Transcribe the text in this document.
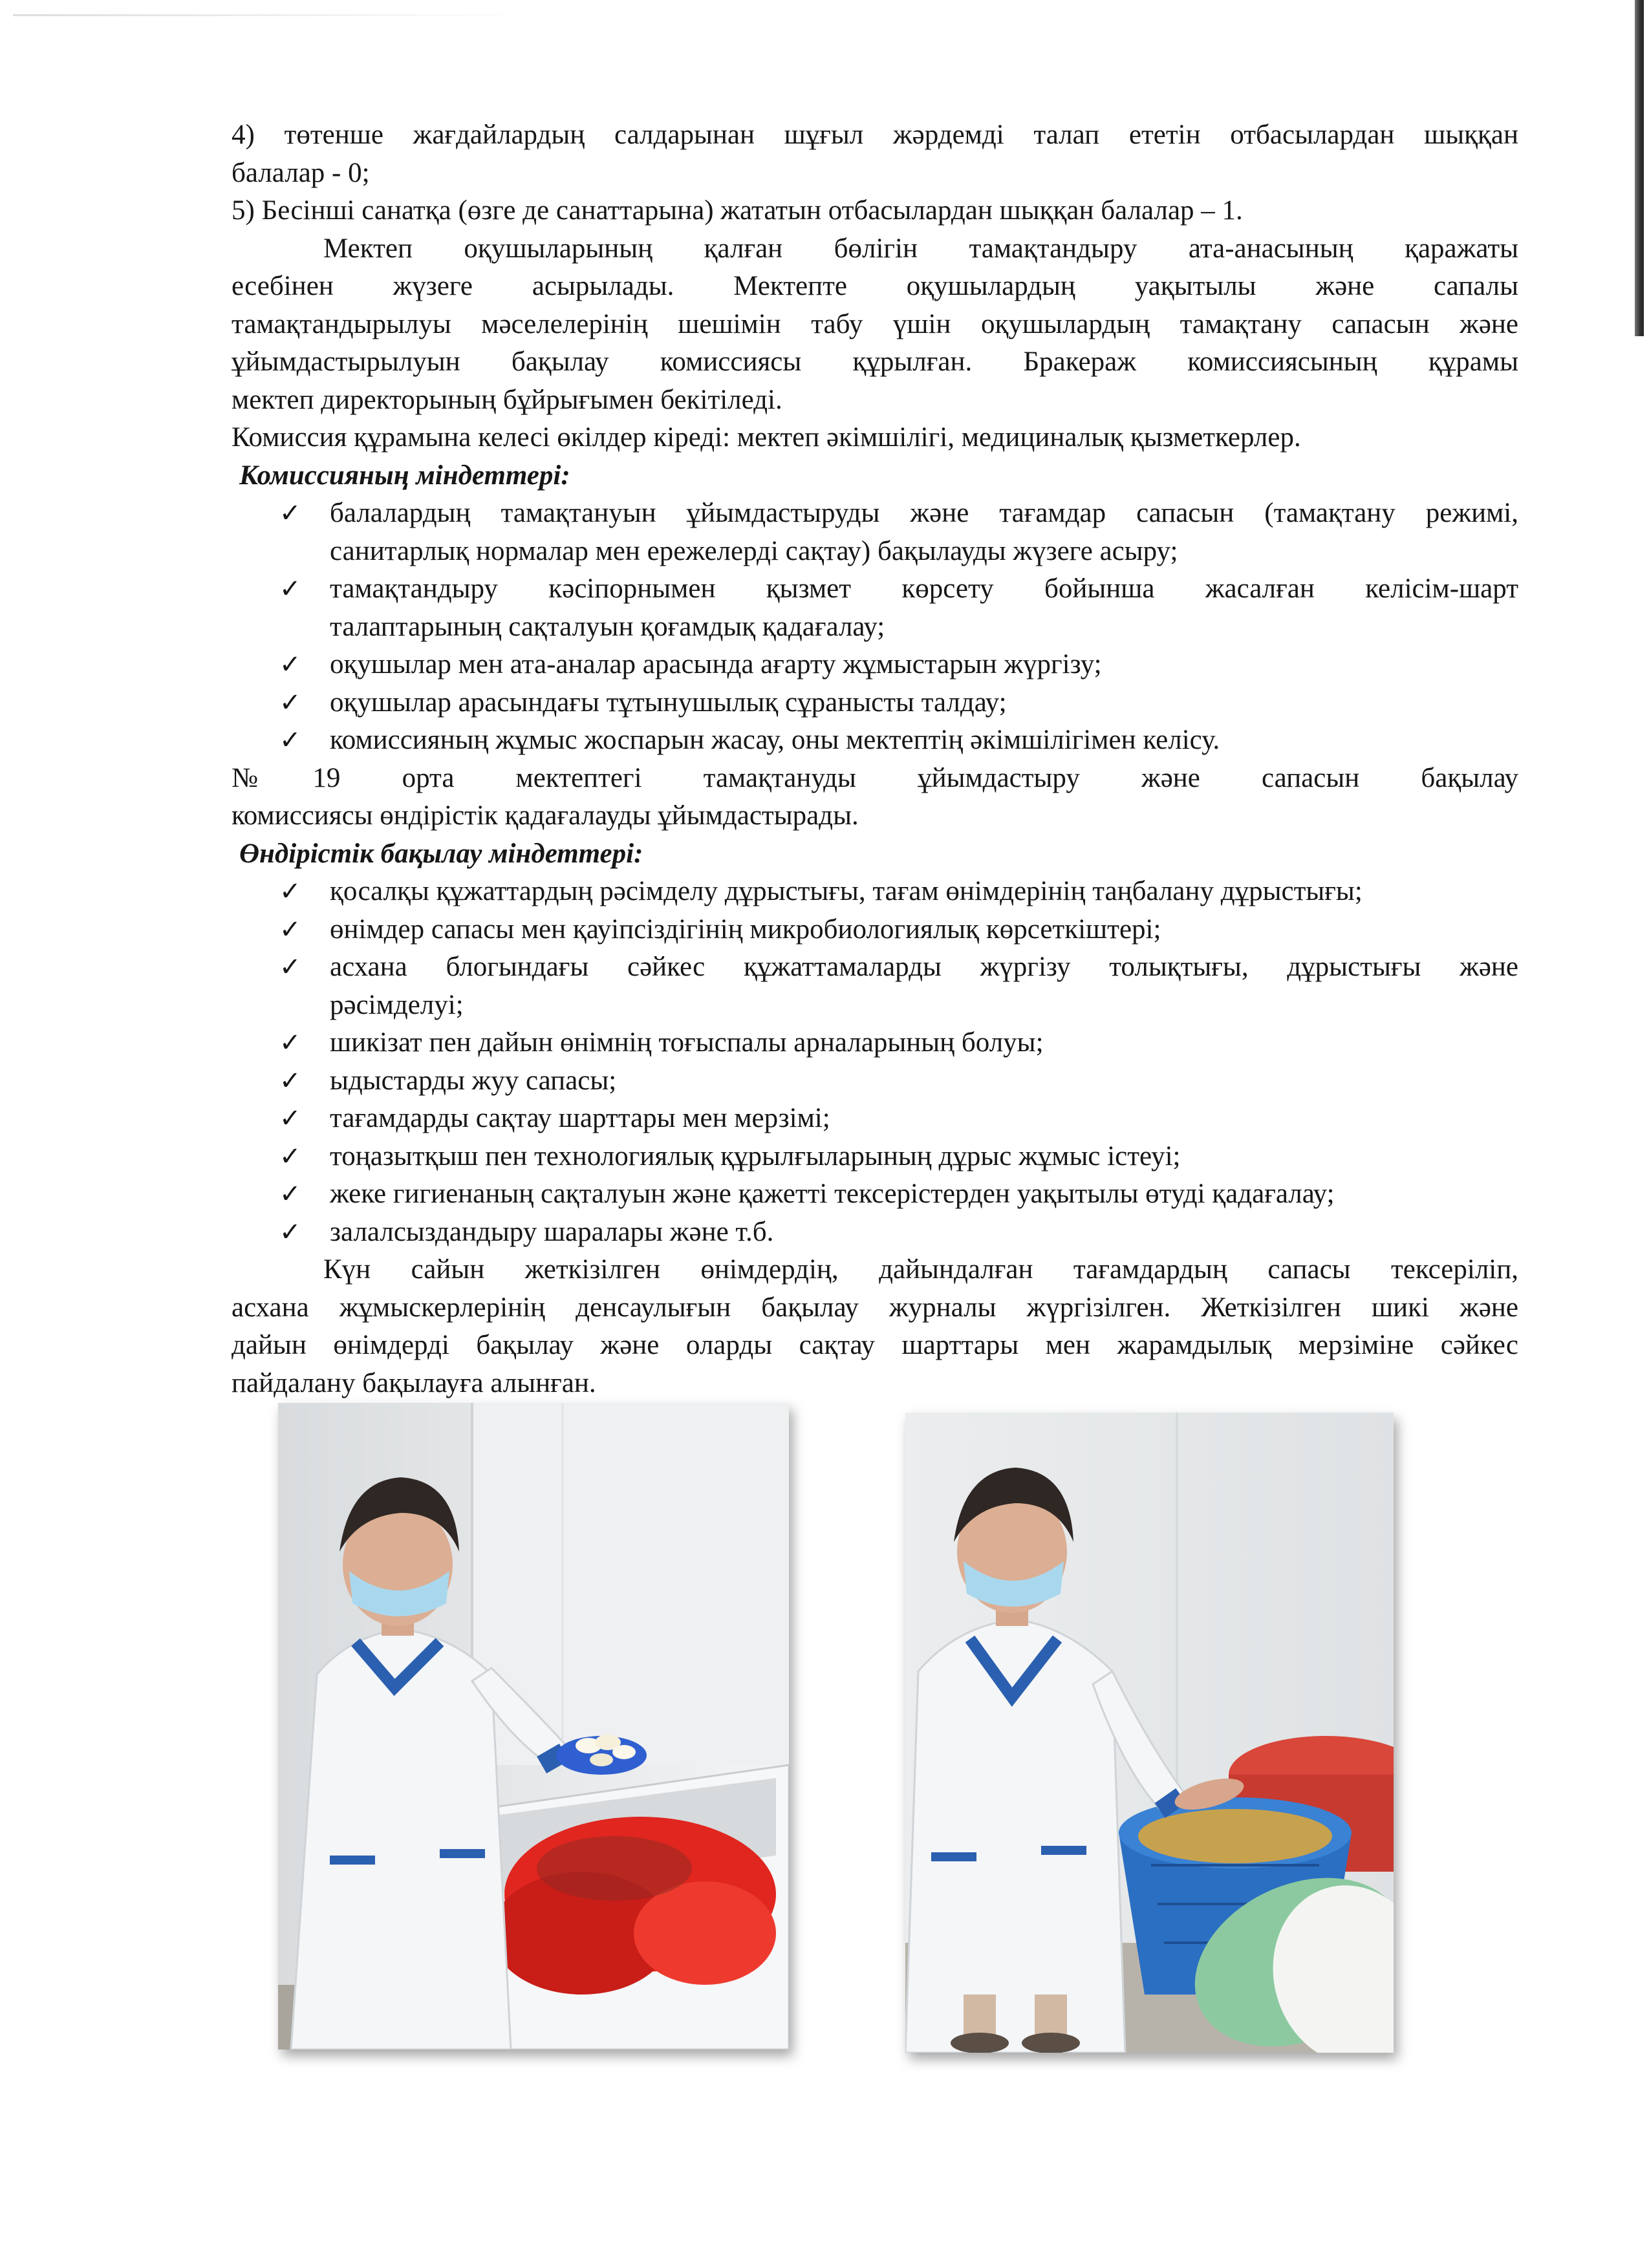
4) төтенше жағдайлардың салдарынан шұғыл жәрдемді талап ететін отбасылардан шыққан

балалар - 0;

5) Бесінші санатқа (өзге де санаттарына) жататын отбасылардан шыққан балалар – 1.

Мектеп оқушыларының қалған бөлігін тамақтандыру ата-анасының қаражаты

есебінен жүзеге асырылады. Мектепте оқушылардың уақытылы және сапалы

тамақтандырылуы мәселелерінің шешімін табу үшін оқушылардың тамақтану сапасын және

ұйымдастырылуын бақылау комиссиясы құрылған. Бракераж комиссиясының құрамы

мектеп директорының бұйрығымен бекітіледі.

Комиссия құрамына келесі өкілдер кіреді: мектеп әкімшілігі, медициналық қызметкерлер.

Комиссияның міндеттері:

✓ балалардың тамақтануын ұйымдастыруды және тағамдар сапасын (тамақтану режимі,
санитарлық нормалар мен ережелерді сақтау) бақылауды жүзеге асыру;
✓ тамақтандыру кәсіпорнымен қызмет көрсету бойынша жасалған келісім-шарт
талаптарының сақталуын қоғамдық қадағалау;
✓ оқушылар мен ата-аналар арасында ағарту жұмыстарын жүргізу;
✓ оқушылар арасындағы тұтынушылық сұранысты талдау;
✓ комиссияның жұмыс жоспарын жасау, оны мектептің әкімшілігімен келісу.

№19 орта мектептегі тамақтануды ұйымдастыру және сапасын бақылау

комиссиясы өндірістік қадағалауды ұйымдастырады.

Өндірістік бақылау міндеттері:

✓ қосалқы құжаттардың рәсімделу дұрыстығы, тағам өнімдерінің таңбалану дұрыстығы;
✓ өнімдер сапасы мен қауіпсіздігінің микробиологиялық көрсеткіштері;
✓ асхана блогындағы сәйкес құжаттамаларды жүргізу толықтығы, дұрыстығы және
рәсімделуі;
✓ шикізат пен дайын өнімнің тоғыспалы арналарының болуы;
✓ ыдыстарды жуу сапасы;
✓ тағамдарды сақтау шарттары мен мерзімі;
✓ тоңазытқыш пен технологиялық құрылғыларының дұрыс жұмыс істеуі;
✓ жеке гигиенаның сақталуын және қажетті тексерістерден уақытылы өтуді қадағалау;
✓ залалсыздандыру шаралары және т.б.

Күн сайын жеткізілген өнімдердің, дайындалған тағамдардың сапасы тексеріліп,

асхана жұмыскерлерінің денсаулығын бақылау журналы жүргізілген. Жеткізілген шикі және

дайын өнімдерді бақылау және оларды сақтау шарттары мен жарамдылық мерзіміне сәйкес

пайдалану бақылауға алынған.
